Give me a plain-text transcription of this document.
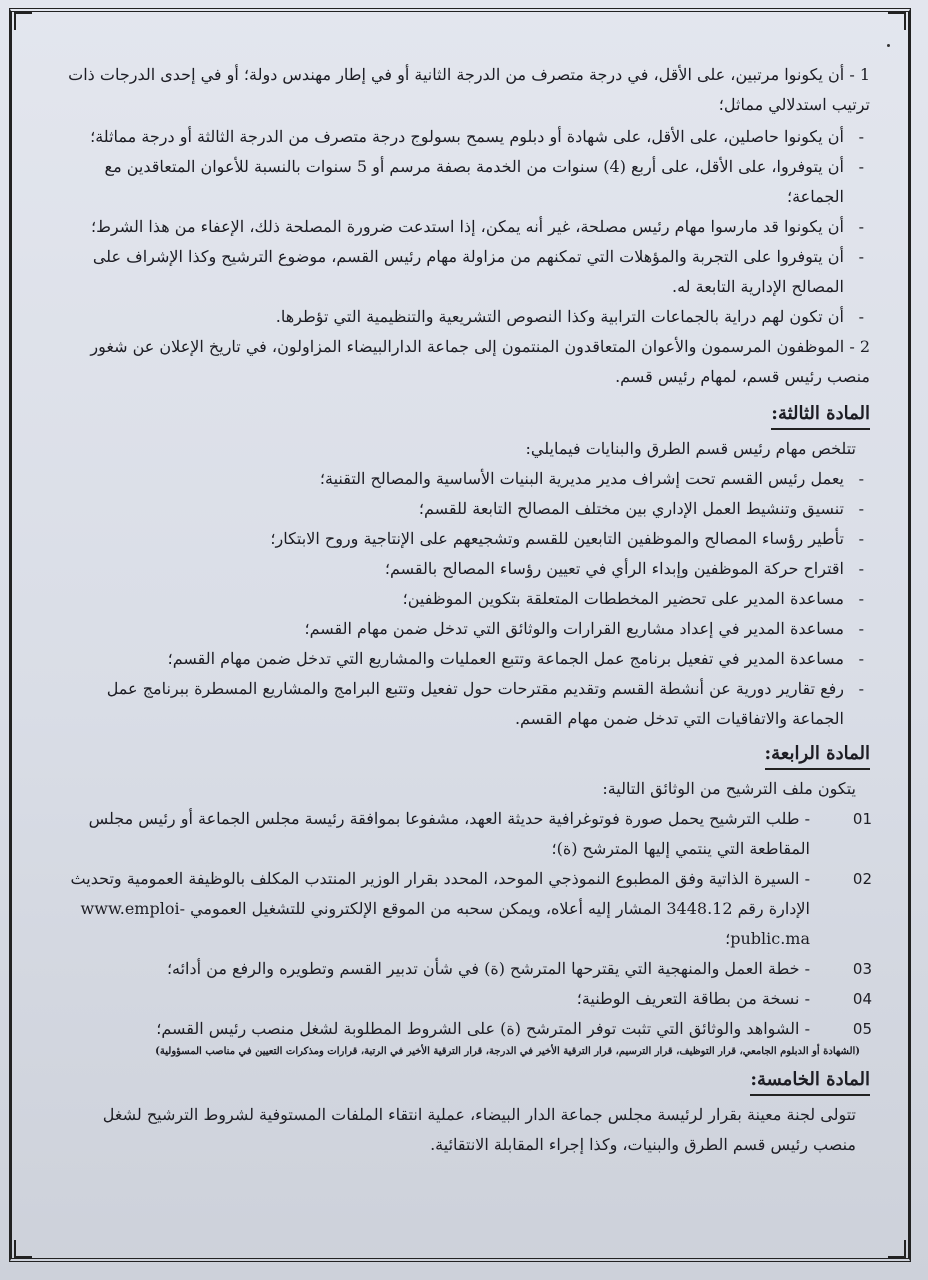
1 - أن يكونوا مرتبين، على الأقل، في درجة متصرف من الدرجة الثانية أو في إطار مهندس دولة؛ أو في إحدى الدرجات ذات ترتيب استدلالي مماثل؛

-
أن يكونوا حاصلين، على الأقل، على شهادة أو دبلوم يسمح بسولوج درجة متصرف من الدرجة الثالثة أو درجة مماثلة؛

-
أن يتوفروا، على الأقل، على أربع (4) سنوات من الخدمة بصفة مرسم أو 5 سنوات بالنسبة للأعوان المتعاقدين مع الجماعة؛

-
أن يكونوا قد مارسوا مهام رئيس مصلحة، غير أنه يمكن، إذا استدعت ضرورة المصلحة ذلك، الإعفاء من هذا الشرط؛

-
أن يتوفروا على التجربة والمؤهلات التي تمكنهم من مزاولة مهام رئيس القسم، موضوع الترشيح وكذا الإشراف على المصالح الإدارية التابعة له.

-
أن تكون لهم دراية بالجماعات الترابية وكذا النصوص التشريعية والتنظيمية التي تؤطرها.

2 - الموظفون المرسمون والأعوان المتعاقدون المنتمون إلى جماعة الدارالبيضاء المزاولون، في تاريخ الإعلان عن شغور منصب رئيس قسم، لمهام رئيس قسم.

المادة الثالثة:

تتلخص مهام رئيس قسم الطرق والبنايات فيمايلي:

-
يعمل رئيس القسم تحت إشراف مدير مديرية البنيات الأساسية والمصالح التقنية؛

-
تنسيق وتنشيط العمل الإداري بين مختلف المصالح التابعة للقسم؛

-
تأطير رؤساء المصالح والموظفين التابعين للقسم وتشجيعهم على الإنتاجية وروح الابتكار؛

-
اقتراح حركة الموظفين وإبداء الرأي في تعيين رؤساء المصالح بالقسم؛

-
مساعدة المدير على تحضير المخططات المتعلقة بتكوين الموظفين؛

-
مساعدة المدير في إعداد مشاريع القرارات والوثائق التي تدخل ضمن مهام القسم؛

-
مساعدة المدير في تفعيل برنامج عمل الجماعة وتتبع العمليات والمشاريع التي تدخل ضمن مهام القسم؛

-
رفع تقارير دورية عن أنشطة القسم وتقديم مقترحات حول تفعيل وتتبع البرامج والمشاريع المسطرة ببرنامج عمل الجماعة والاتفاقيات التي تدخل ضمن مهام القسم.

المادة الرابعة:

يتكون ملف الترشيح من الوثائق التالية:

01
- طلب الترشيح يحمل صورة فوتوغرافية حديثة العهد، مشفوعا بموافقة رئيسة مجلس الجماعة أو رئيس مجلس المقاطعة التي ينتمي إليها المترشح (ة)؛

02
- السيرة الذاتية وفق المطبوع النموذجي الموحد، المحدد بقرار الوزير المنتدب المكلف بالوظيفة العمومية وتحديث الإدارة رقم 3448.12 المشار إليه أعلاه، ويمكن سحبه من الموقع الإلكتروني للتشغيل العمومي www.emploi-public.ma؛

03
- خطة العمل والمنهجية التي يقترحها المترشح (ة) في شأن تدبير القسم وتطويره والرفع من أدائه؛

04
- نسخة من بطاقة التعريف الوطنية؛

05
- الشواهد والوثائق التي تثبت توفر المترشح (ة) على الشروط المطلوبة لشغل منصب رئيس القسم؛

(الشهادة أو الدبلوم الجامعي، قرار التوظيف، قرار الترسيم، قرار الترقية الأخير في الدرجة، قرار الترقية الأخير في الرتبة، قرارات ومذكرات التعيين في مناصب المسؤولية)

المادة الخامسة:

تتولى لجنة معينة بقرار لرئيسة مجلس جماعة الدار البيضاء، عملية انتقاء الملفات المستوفية لشروط الترشيح لشغل منصب رئيس قسم الطرق والبنيات، وكذا إجراء المقابلة الانتقائية.
